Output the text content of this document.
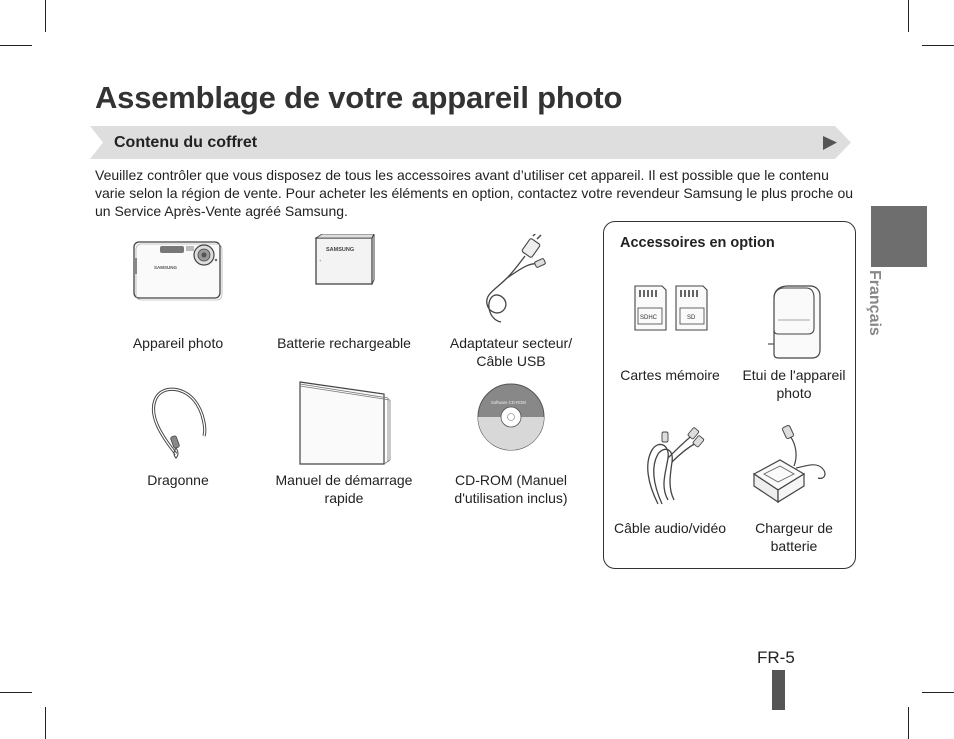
Assemblage de votre appareil photo
Contenu du coffret
Veuillez contrôler que vous disposez de tous les accessoires avant d’utiliser cet appareil. Il est possible que le contenu varie selon la région de vente. Pour acheter les éléments en option, contactez votre revendeur Samsung le plus proche ou un Service Après-Vente agréé Samsung.
SAMSUNG
Appareil photo
SAMSUNG
+
Batterie rechargeable	Adaptateur secteur/ Câble USB
Dragonne	Manuel de démarrage rapide
Software CD-ROM
CD-ROM (Manuel d'utilisation inclus)
Accessoires en option
SDHC	SD
Cartes mémoire	Etui de l'appareil photo
Câble audio/vidéo	Chargeur de batterie
Français
FR-5
